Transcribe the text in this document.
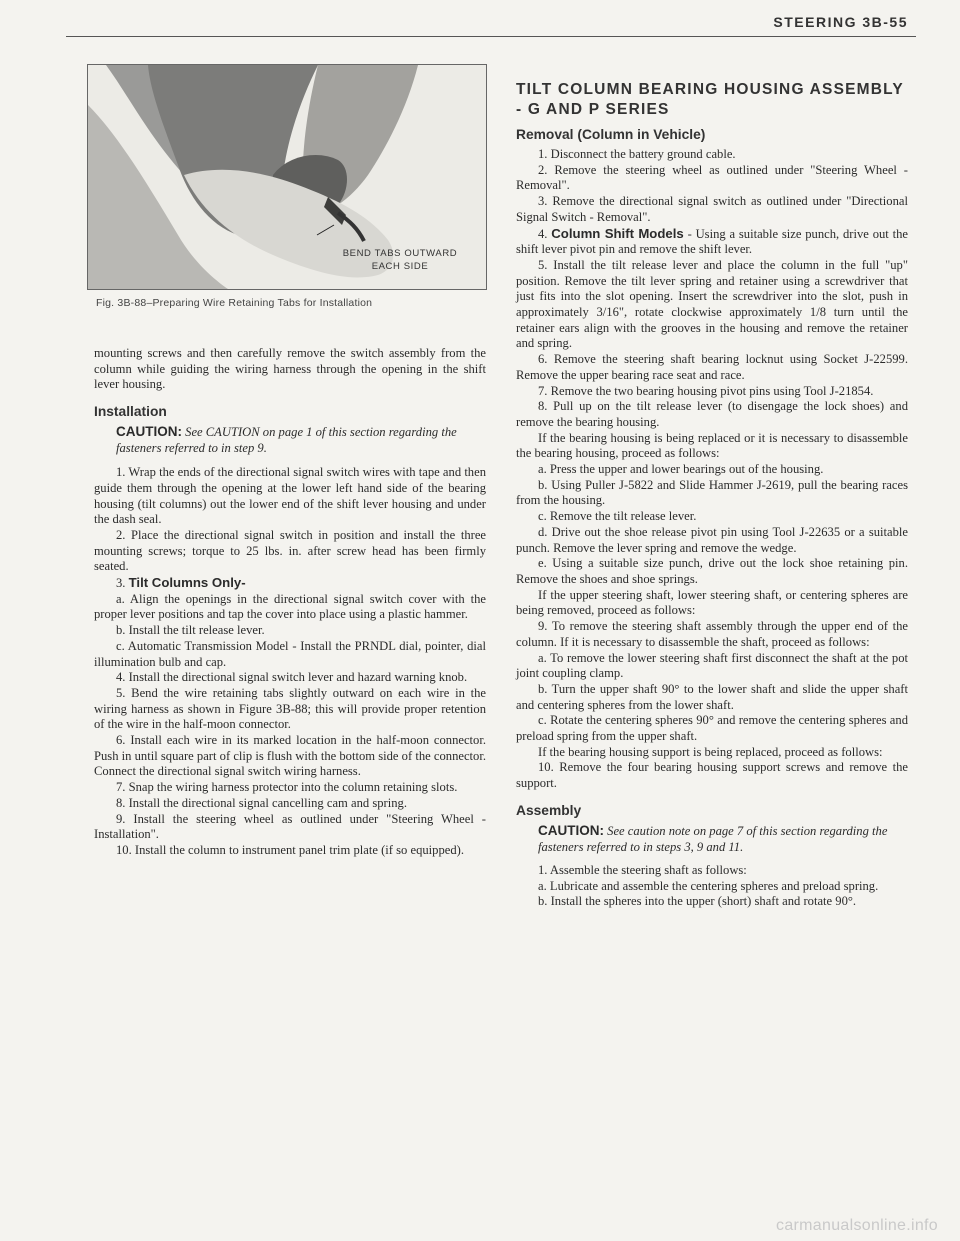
STEERING 3B-55
BEND TABS OUTWARD
EACH SIDE
Fig. 3B-88–Preparing Wire Retaining Tabs for Installation

mounting screws and then carefully remove the switch assembly from the column while guiding the wiring harness through the opening in the shift lever housing.

Installation
CAUTION: See CAUTION on page 1 of this section regarding the fasteners referred to in step 9.

1. Wrap the ends of the directional signal switch wires with tape and then guide them through the opening at the lower left hand side of the bearing housing (tilt columns) out the lower end of the shift lever housing and under the dash seal.

2. Place the directional signal switch in position and install the three mounting screws; torque to 25 lbs. in. after screw head has been firmly seated.

3. Tilt Columns Only-

a. Align the openings in the directional signal switch cover with the proper lever positions and tap the cover into place using a plastic hammer.

b. Install the tilt release lever.

c. Automatic Transmission Model - Install the PRNDL dial, pointer, dial illumination bulb and cap.

4. Install the directional signal switch lever and hazard warning knob.

5. Bend the wire retaining tabs slightly outward on each wire in the wiring harness as shown in Figure 3B-88; this will provide proper retention of the wire in the half-moon connector.

6. Install each wire in its marked location in the half-moon connector. Push in until square part of clip is flush with the bottom side of the connector. Connect the directional signal switch wiring harness.

7. Snap the wiring harness protector into the column retaining slots.

8. Install the directional signal cancelling cam and spring.

9. Install the steering wheel as outlined under "Steering Wheel - Installation".

10. Install the column to instrument panel trim plate (if so equipped).

TILT COLUMN BEARING HOUSING ASSEMBLY - G AND P SERIES
Removal (Column in Vehicle)

1. Disconnect the battery ground cable.

2. Remove the steering wheel as outlined under "Steering Wheel - Removal".

3. Remove the directional signal switch as outlined under "Directional Signal Switch - Removal".

4. Column Shift Models - Using a suitable size punch, drive out the shift lever pivot pin and remove the shift lever.

5. Install the tilt release lever and place the column in the full "up" position. Remove the tilt lever spring and retainer using a screwdriver that just fits into the slot opening. Insert the screwdriver into the slot, push in approximately 3/16", rotate clockwise approximately 1/8 turn until the retainer ears align with the grooves in the housing and remove the retainer and spring.

6. Remove the steering shaft bearing locknut using Socket J-22599. Remove the upper bearing race seat and race.

7. Remove the two bearing housing pivot pins using Tool J-21854.

8. Pull up on the tilt release lever (to disengage the lock shoes) and remove the bearing housing.

If the bearing housing is being replaced or it is necessary to disassemble the bearing housing, proceed as follows:

a. Press the upper and lower bearings out of the housing.

b. Using Puller J-5822 and Slide Hammer J-2619, pull the bearing races from the housing.

c. Remove the tilt release lever.

d. Drive out the shoe release pivot pin using Tool J-22635 or a suitable punch. Remove the lever spring and remove the wedge.

e. Using a suitable size punch, drive out the lock shoe retaining pin. Remove the shoes and shoe springs.

If the upper steering shaft, lower steering shaft, or centering spheres are being removed, proceed as follows:

9. To remove the steering shaft assembly through the upper end of the column. If it is necessary to disassemble the shaft, proceed as follows:

a. To remove the lower steering shaft first disconnect the shaft at the pot joint coupling clamp.

b. Turn the upper shaft 90° to the lower shaft and slide the upper shaft and centering spheres from the lower shaft.

c. Rotate the centering spheres 90° and remove the centering spheres and preload spring from the upper shaft.

If the bearing housing support is being replaced, proceed as follows:

10. Remove the four bearing housing support screws and remove the support.

Assembly
CAUTION: See caution note on page 7 of this section regarding the fasteners referred to in steps 3, 9 and 11.

1. Assemble the steering shaft as follows:

a. Lubricate and assemble the centering spheres and preload spring.

b. Install the spheres into the upper (short) shaft and rotate 90°.

carmanualsonline.info
